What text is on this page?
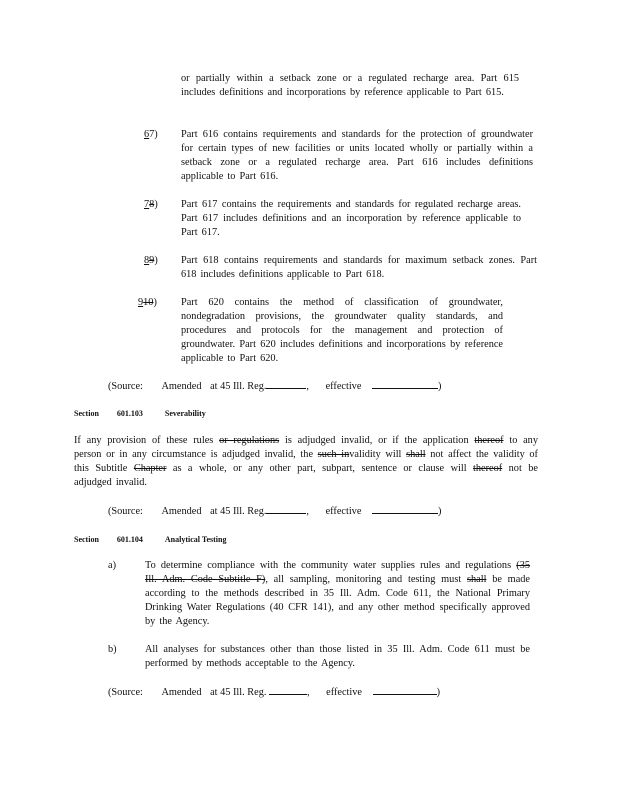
or partially within a setback zone or a regulated recharge area. Part 615 includes definitions and incorporations by reference applicable to Part 615.
67) Part 616 contains requirements and standards for the protection of groundwater for certain types of new facilities or units located wholly or partially within a setback zone or a regulated recharge area. Part 616 includes definitions applicable to Part 616.
78) Part 617 contains the requirements and standards for regulated recharge areas. Part 617 includes definitions and an incorporation by reference applicable to Part 617.
89) Part 618 contains requirements and standards for maximum setback zones. Part 618 includes definitions applicable to Part 618.
910) Part 620 contains the method of classification of groundwater, nondegradation provisions, the groundwater quality standards, and procedures and protocols for the management and protection of groundwater. Part 620 includes definitions and incorporations by reference applicable to Part 620.
(Source: Amended at 45 Ill. Reg.	, effective	)
Section 601.103	Severability
If any provision of these rules or regulations is adjudged invalid, or if the application thereof to any person or in any circumstance is adjudged invalid, the such invalidity will shall not affect the validity of this Subtitle Chapter as a whole, or any other part, subpart, sentence or clause will thereof not be adjudged invalid.
(Source: Amended at 45 Ill. Reg.	, effective	)
Section 601.104	Analytical Testing
a)	To determine compliance with the community water supplies rules and regulations (35 Ill. Adm. Code Subtitle F), all sampling, monitoring and testing must shall be made according to the methods described in 35 Ill. Adm. Code 611, the National Primary Drinking Water Regulations (40 CFR 141), and any other method specifically approved by the Agency.
b)	All analyses for substances other than those listed in 35 Ill. Adm. Code 611 must be performed by methods acceptable to the Agency.
(Source: Amended at 45 Ill. Reg.	, effective	)
